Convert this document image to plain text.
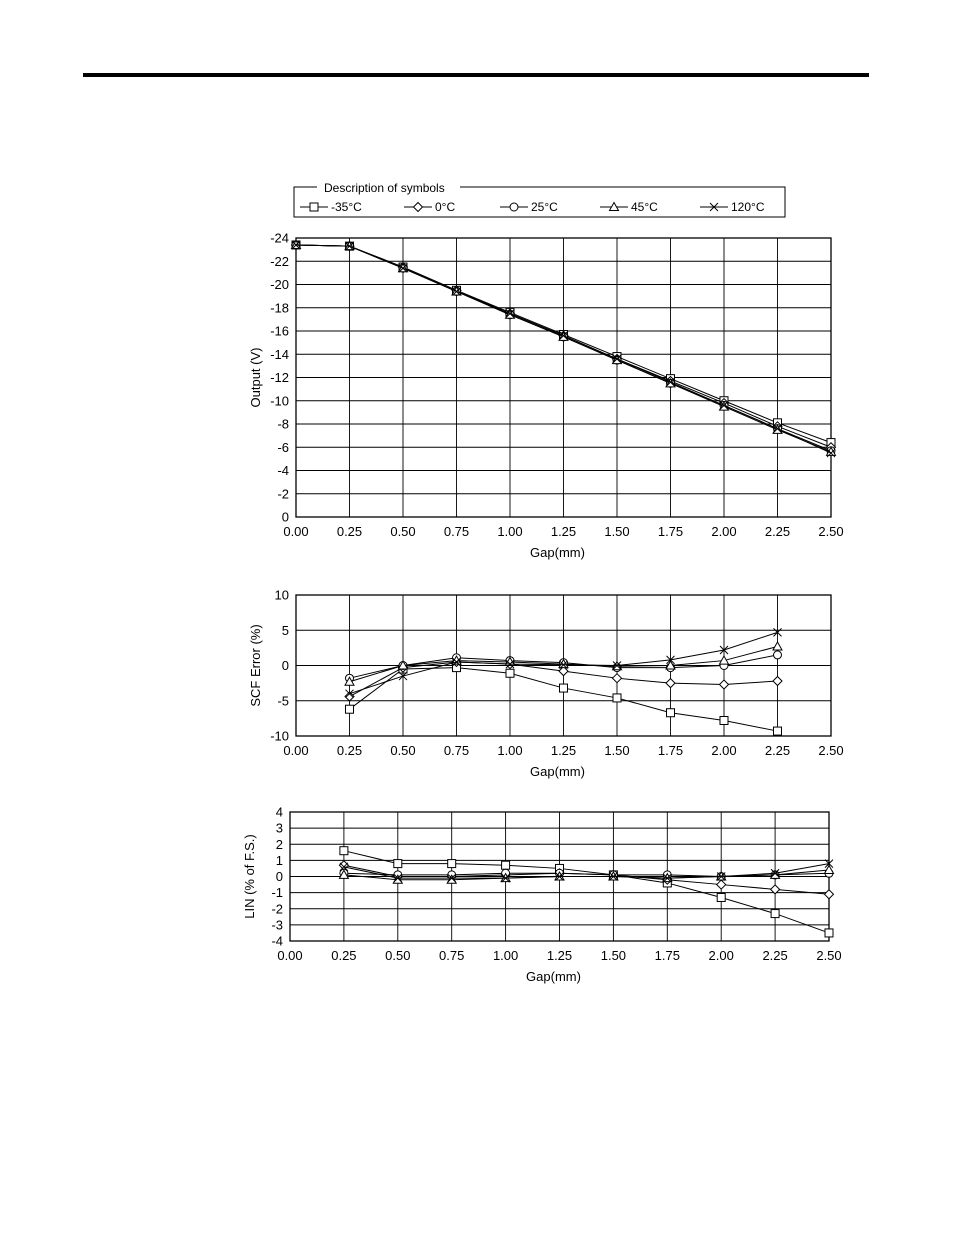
Description of symbols
-35°C	0°C	25°C	45°C	120°C
0.00 0.25 0.50 0.75 1.00 1.25 1.50 1.75 2.00 2.25 2.50
-24
-22
-20
-18
-16
-14
-12
-10
-8
-6
-4
-2
0
Gap(mm)
Output (V)
0.00 0.25 0.50 0.75 1.00 1.25 1.50 1.75 2.00 2.25 2.50
10
5
0
-5
-10
Gap(mm)
SCF Error (%)
0.00 0.25 0.50 0.75 1.00 1.25 1.50 1.75 2.00 2.25 2.50
4
3
2
1
0
-1
-2
-3
-4
Gap(mm)
LIN (% of F.S.)
